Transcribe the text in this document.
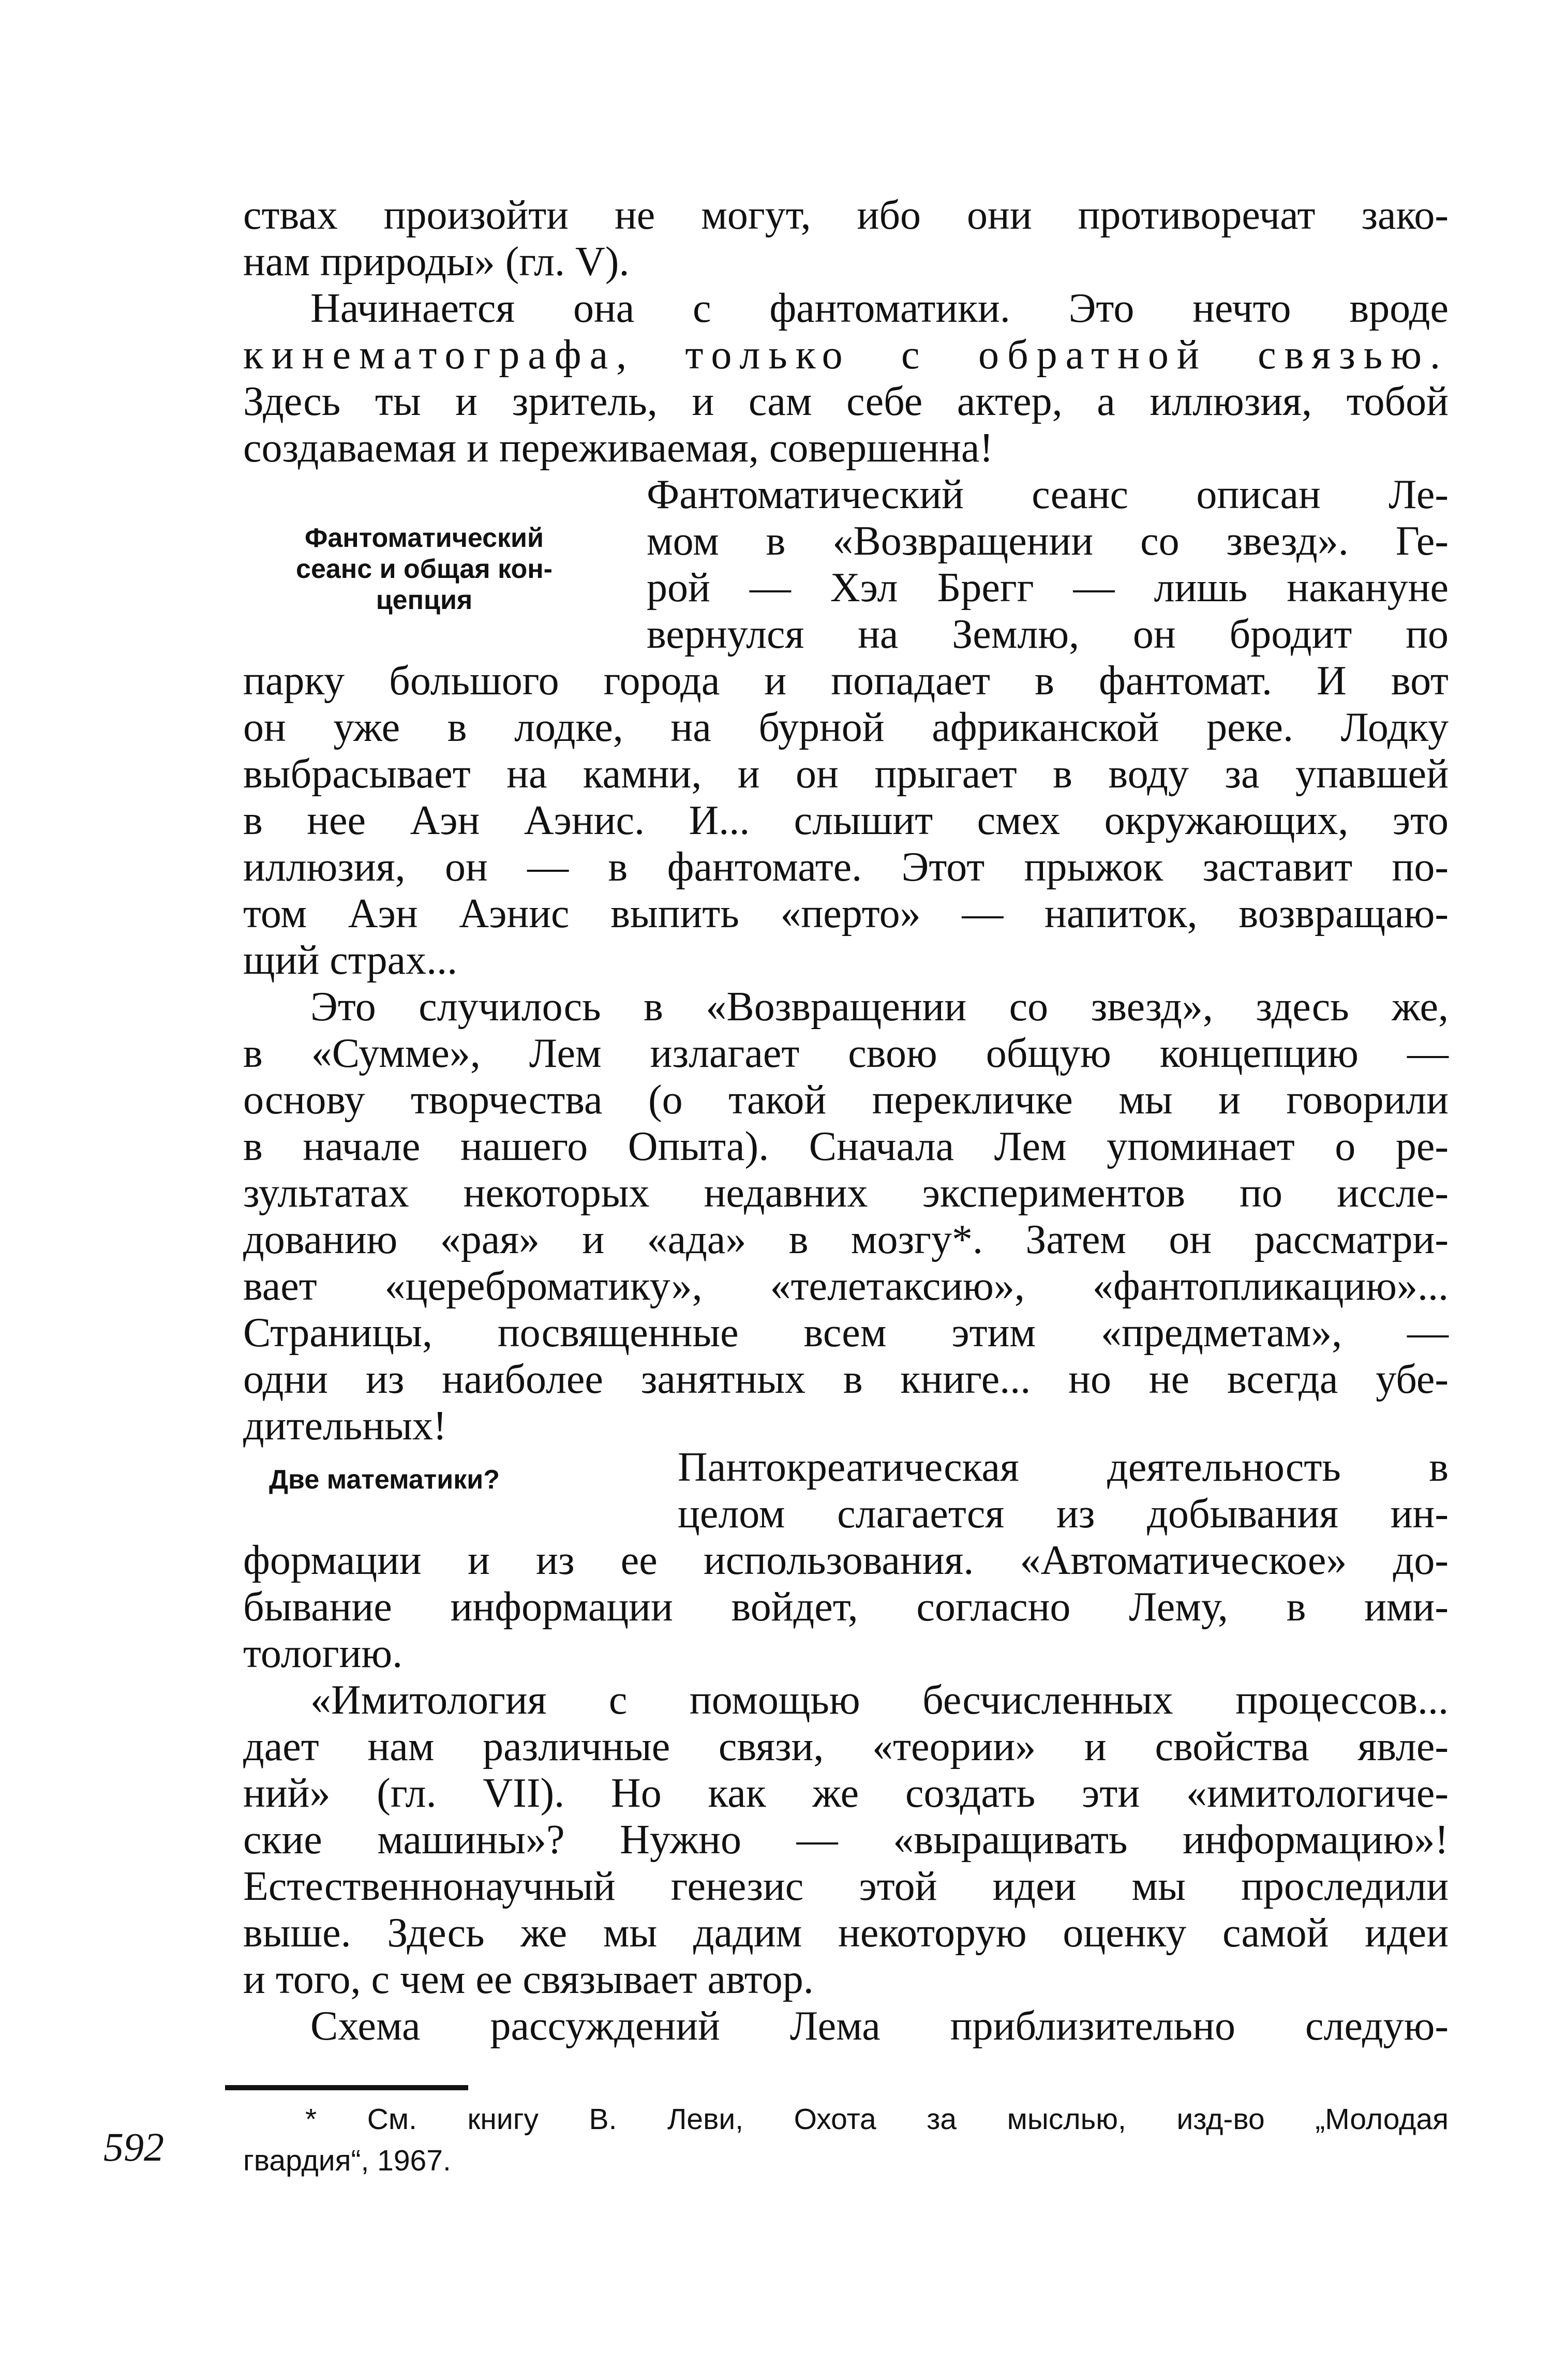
ствах произойти не могут, ибо они противоречат зако-
нам природы» (гл. V).
Начинается она с фантоматики. Это нечто вроде
кинематографа, только с обратной связью.
Здесь ты и зритель, и сам себе актер, а иллюзия, тобой
создаваемая и переживаемая, совершенна!
Фантоматический сеанс описан Ле-
мом в «Возвращении со звезд». Ге-
рой — Хэл Брегг — лишь накануне
вернулся на Землю, он бродит по
парку большого города и попадает в фантомат. И вот
он уже в лодке, на бурной африканской реке. Лодку
выбрасывает на камни, и он прыгает в воду за упавшей
в нее Аэн Аэнис. И... слышит смех окружающих, это
иллюзия, он — в фантомате. Этот прыжок заставит по-
том Аэн Аэнис выпить «перто» — напиток, возвращаю-
щий страх...
Это случилось в «Возвращении со звезд», здесь же,
в «Сумме», Лем излагает свою общую концепцию —
основу творчества (о такой перекличке мы и говорили
в начале нашего Опыта). Сначала Лем упоминает о ре-
зультатах некоторых недавних экспериментов по иссле-
дованию «рая» и «ада» в мозгу*. Затем он рассматри-
вает «цереброматику», «телетаксию», «фантопликацию»...
Страницы, посвященные всем этим «предметам», —
одни из наиболее занятных в книге... но не всегда убе-
дительных!
Пантокреатическая деятельность в
целом слагается из добывания ин-
формации и из ее использования. «Автоматическое» до-
бывание информации войдет, согласно Лему, в ими-
тологию.
«Имитология с помощью бесчисленных процессов...
дает нам различные связи, «теории» и свойства явле-
ний» (гл. VII). Но как же создать эти «имитологиче-
ские машины»? Нужно — «выращивать информацию»!
Естественнонаучный генезис этой идеи мы проследили
выше. Здесь же мы дадим некоторую оценку самой идеи
и того, с чем ее связывает автор.
Схема рассуждений Лема приблизительно следую-
Фантоматический
сеанс и общая кон-
цепция
Две математики?
* См. книгу В. Леви, Охота за мыслью, изд-во „Молодая
гвардия“, 1967.
592
